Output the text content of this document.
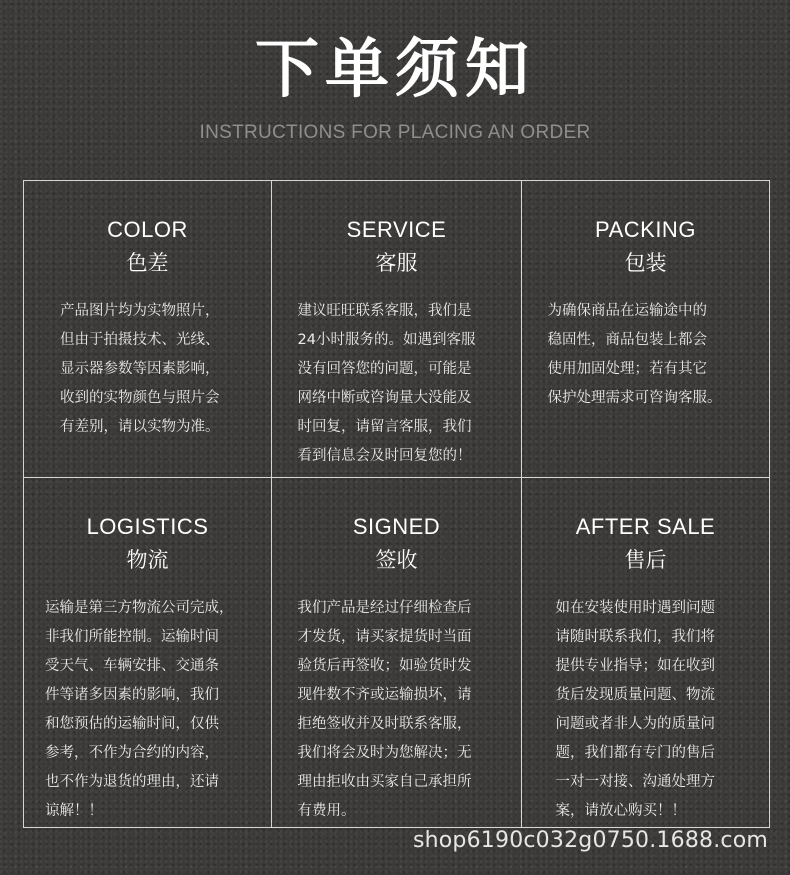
下单须知
INSTRUCTIONS FOR PLACING AN ORDER
COLOR
色差
产品图片均为实物照片，
但由于拍摄技术、光线、
显示器参数等因素影响，
收到的实物颜色与照片会
有差别，请以实物为准。
SERVICE
客服
建议旺旺联系客服，我们是
24小时服务的。如遇到客服
没有回答您的问题，可能是
网络中断或咨询量大没能及
时回复，请留言客服，我们
看到信息会及时回复您的！
PACKING
包装
为确保商品在运输途中的
稳固性，商品包装上都会
使用加固处理；若有其它
保护处理需求可咨询客服。
LOGISTICS
物流
运输是第三方物流公司完成，
非我们所能控制。运输时间
受天气、车辆安排、交通条
件等诸多因素的影响，我们
和您预估的运输时间，仅供
参考，不作为合约的内容，
也不作为退货的理由，还请
谅解！！
SIGNED
签收
我们产品是经过仔细检查后
才发货，请买家提货时当面
验货后再签收；如验货时发
现件数不齐或运输损坏，请
拒绝签收并及时联系客服，
我们将会及时为您解决；无
理由拒收由买家自己承担所
有费用。
AFTER SALE
售后
如在安装使用时遇到问题
请随时联系我们，我们将
提供专业指导；如在收到
货后发现质量问题、物流
问题或者非人为的质量问
题，我们都有专门的售后
一对一对接、沟通处理方
案，请放心购买！！
shop6190c032g0750.1688.com
